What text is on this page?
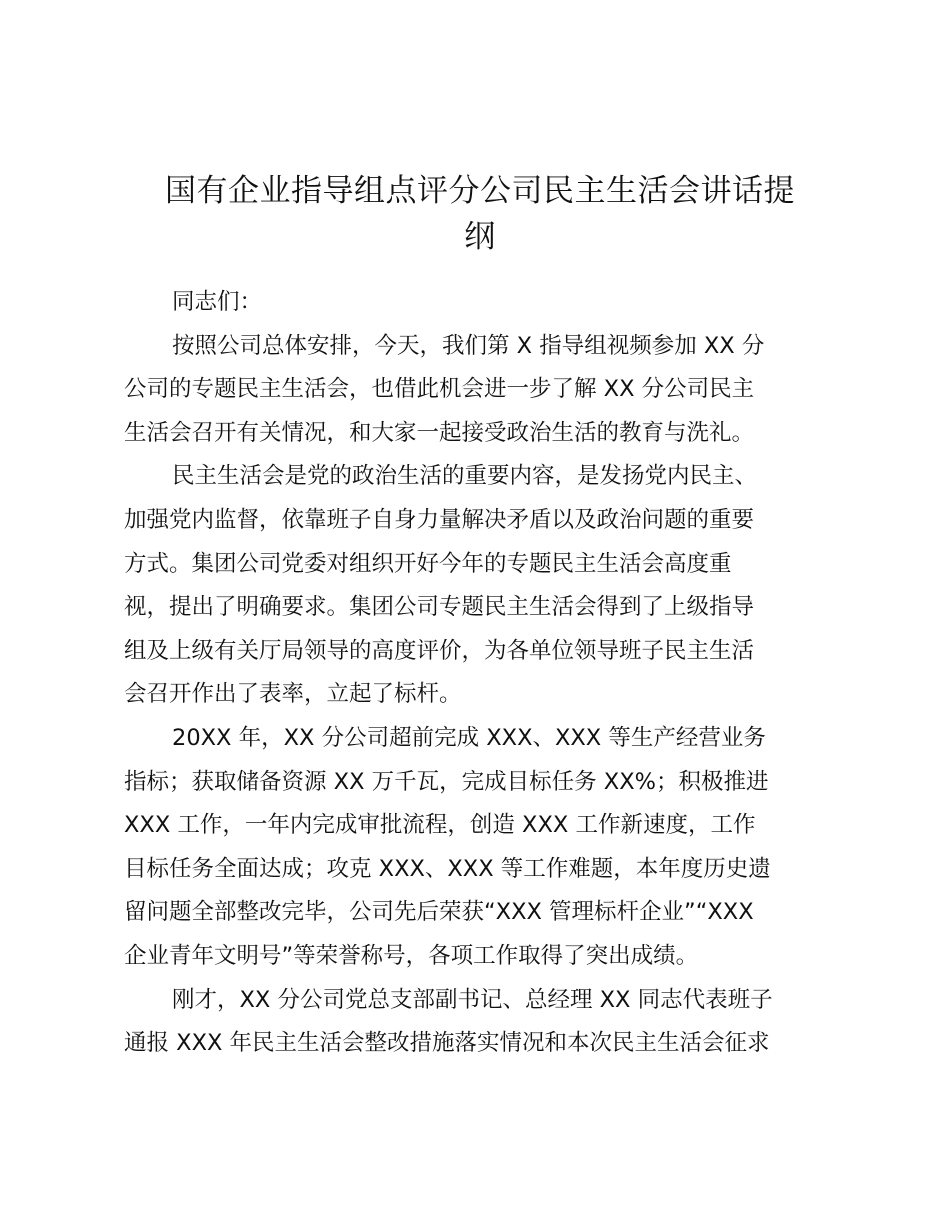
国有企业指导组点评分公司民主生活会讲话提
纲
同志们：
按照公司总体安排，今天，我们第 X 指导组视频参加 XX 分
公司的专题民主生活会，也借此机会进一步了解 XX 分公司民主
生活会召开有关情况，和大家一起接受政治生活的教育与洗礼。
民主生活会是党的政治生活的重要内容，是发扬党内民主、
加强党内监督，依靠班子自身力量解决矛盾以及政治问题的重要
方式。集团公司党委对组织开好今年的专题民主生活会高度重
视，提出了明确要求。集团公司专题民主生活会得到了上级指导
组及上级有关厅局领导的高度评价，为各单位领导班子民主生活
会召开作出了表率，立起了标杆。
20XX 年，XX 分公司超前完成 XXX、XXX 等生产经营业务
指标；获取储备资源 XX 万千瓦，完成目标任务 XX%；积极推进
XXX 工作，一年内完成审批流程，创造 XXX 工作新速度，工作
目标任务全面达成；攻克 XXX、XXX 等工作难题，本年度历史遗
留问题全部整改完毕，公司先后荣获“XXX 管理标杆企业”“XXX
企业青年文明号”等荣誉称号，各项工作取得了突出成绩。
刚才，XX 分公司党总支部副书记、总经理 XX 同志代表班子
通报 XXX 年民主生活会整改措施落实情况和本次民主生活会征求
